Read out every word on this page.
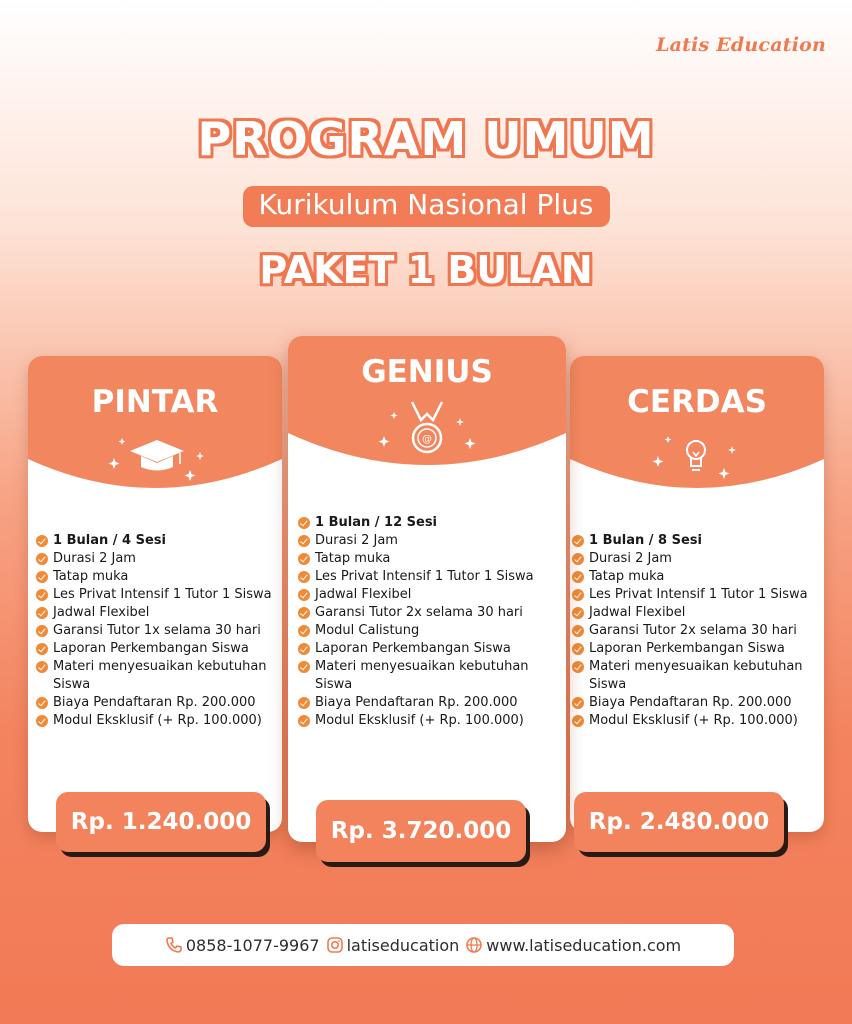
Latis Education
PROGRAM UMUM
Kurikulum Nasional Plus
PAKET 1 BULAN
PINTAR
1 Bulan / 4 Sesi
Durasi 2 Jam
Tatap muka
Les Privat Intensif 1 Tutor 1 Siswa
Jadwal Flexibel
Garansi Tutor 1x selama 30 hari
Laporan Perkembangan Siswa
Materi menyesuaikan kebutuhan
Siswa
Biaya Pendaftaran Rp. 200.000
Modul Eksklusif (+ Rp. 100.000)
CERDAS
1 Bulan / 8 Sesi
Durasi 2 Jam
Tatap muka
Les Privat Intensif 1 Tutor 1 Siswa
Jadwal Flexibel
Garansi Tutor 2x selama 30 hari
Laporan Perkembangan Siswa
Materi menyesuaikan kebutuhan
Siswa
Biaya Pendaftaran Rp. 200.000
Modul Eksklusif (+ Rp. 100.000)
GENIUS
@
1 Bulan / 12 Sesi
Durasi 2 Jam
Tatap muka
Les Privat Intensif 1 Tutor 1 Siswa
Jadwal Flexibel
Garansi Tutor 2x selama 30 hari
Modul Calistung
Laporan Perkembangan Siswa
Materi menyesuaikan kebutuhan
Siswa
Biaya Pendaftaran Rp. 200.000
Modul Eksklusif (+ Rp. 100.000)
Rp. 1.240.000	Rp. 3.720.000	Rp. 2.480.000
0858-1077-9967 latiseducation www.latiseducation.com
